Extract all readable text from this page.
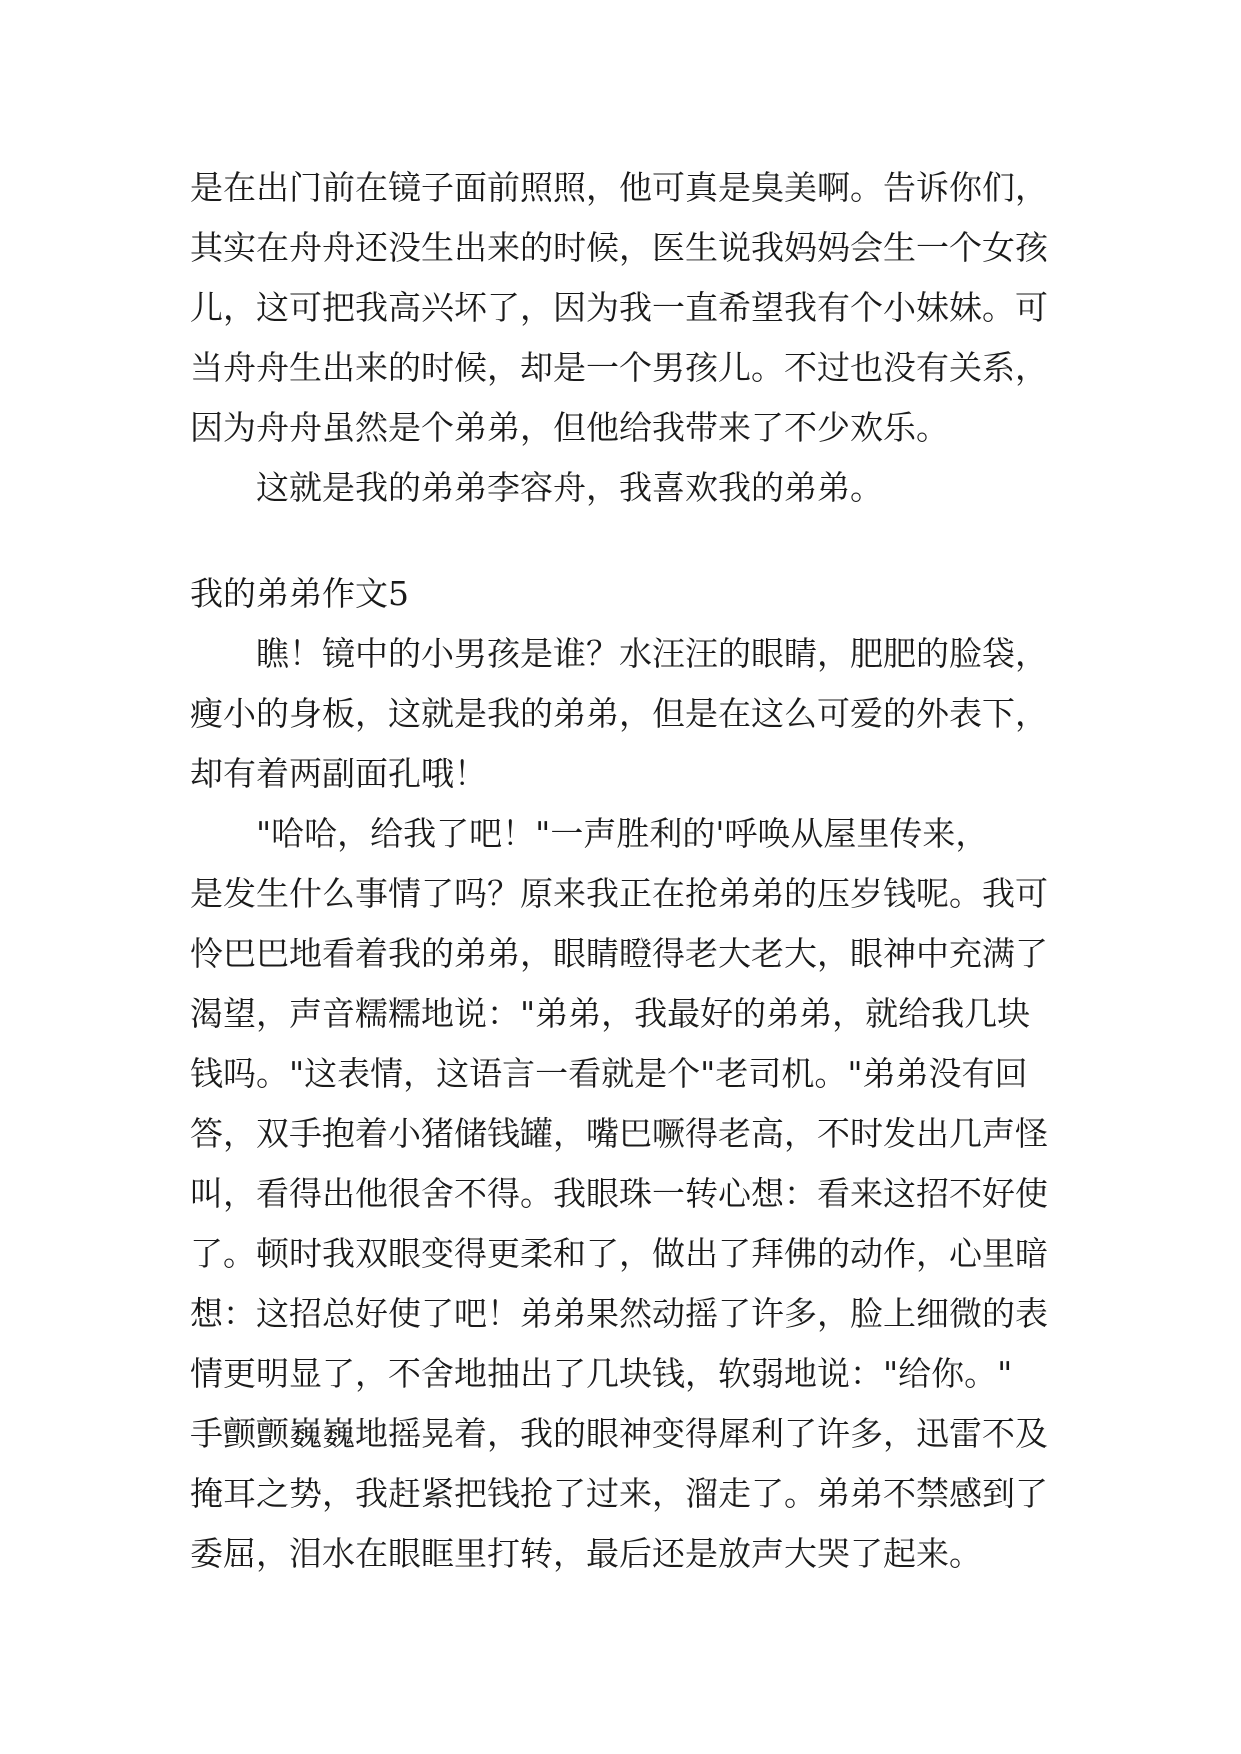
是在出门前在镜子面前照照，他可真是臭美啊。告诉你们，
其实在舟舟还没生出来的时候，医生说我妈妈会生一个女孩
儿，这可把我高兴坏了，因为我一直希望我有个小妹妹。可
当舟舟生出来的时候，却是一个男孩儿。不过也没有关系，
因为舟舟虽然是个弟弟，但他给我带来了不少欢乐。
这就是我的弟弟李容舟，我喜欢我的弟弟。
我的弟弟作文5
瞧！镜中的小男孩是谁？水汪汪的眼睛，肥肥的脸袋，
瘦小的身板，这就是我的弟弟，但是在这么可爱的外表下，
却有着两副面孔哦！
"哈哈，给我了吧！"一声胜利的'呼唤从屋里传来，
是发生什么事情了吗？原来我正在抢弟弟的压岁钱呢。我可
怜巴巴地看着我的弟弟，眼睛瞪得老大老大，眼神中充满了
渴望，声音糯糯地说："弟弟，我最好的弟弟，就给我几块
钱吗。"这表情，这语言一看就是个"老司机。"弟弟没有回
答，双手抱着小猪储钱罐，嘴巴噘得老高，不时发出几声怪
叫，看得出他很舍不得。我眼珠一转心想：看来这招不好使
了。顿时我双眼变得更柔和了，做出了拜佛的动作，心里暗
想：这招总好使了吧！弟弟果然动摇了许多，脸上细微的表
情更明显了，不舍地抽出了几块钱，软弱地说："给你。"
手颤颤巍巍地摇晃着，我的眼神变得犀利了许多，迅雷不及
掩耳之势，我赶紧把钱抢了过来，溜走了。弟弟不禁感到了
委屈，泪水在眼眶里打转，最后还是放声大哭了起来。
